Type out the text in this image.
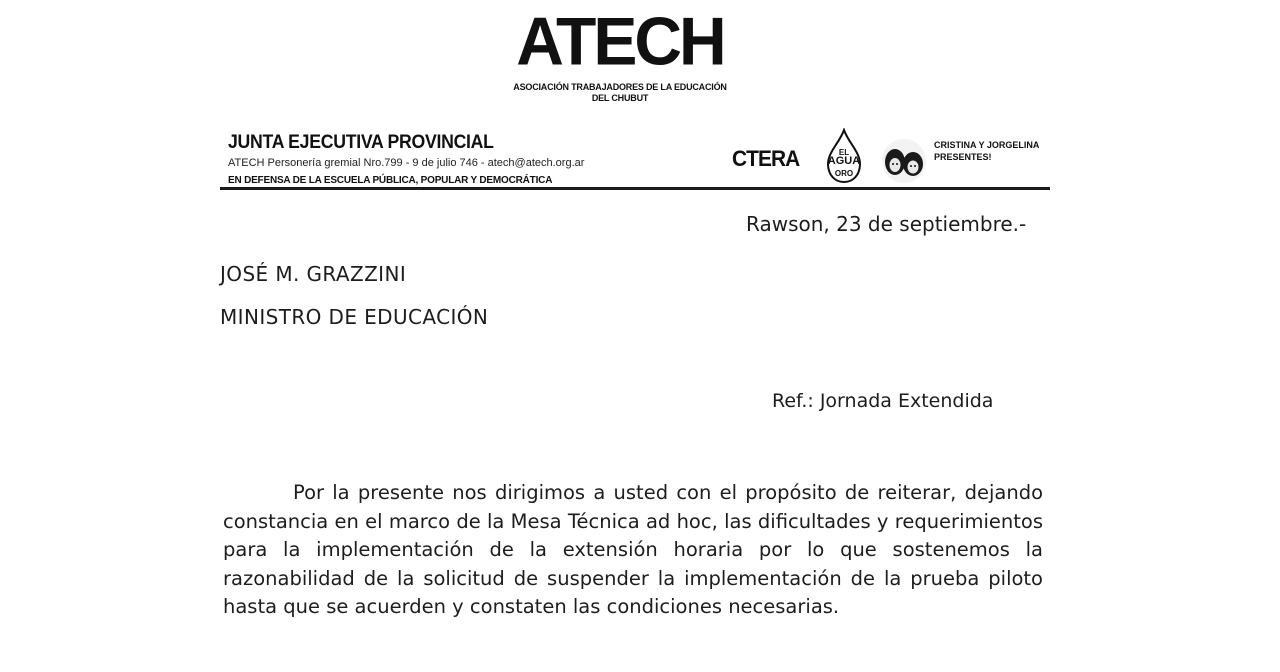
ATECH
ASOCIACIÓN TRABAJADORES DE LA EDUCACIÓN
DEL CHUBUT
JUNTA EJECUTIVA PROVINCIAL
ATECH Personería gremial Nro.799 - 9 de julio 746 - atech@atech.org.ar
EN DEFENSA DE LA ESCUELA PÚBLICA, POPULAR Y DEMOCRÁTICA
CTERA	EL
AGUA
ORO
CRISTINA Y JORGELINA
PRESENTES!
Rawson, 23 de septiembre.-
JOSÉ M. GRAZZINI
MINISTRO DE EDUCACIÓN
Ref.: Jornada Extendida

Por la presente nos dirigimos a usted con el propósito de reiterar, dejando constancia en el marco de la Mesa Técnica ad hoc, las dificultades y requerimientos para la implementación de la extensión horaria por lo que sostenemos la razonabilidad de la solicitud de suspender la implementación de la prueba piloto hasta que se acuerden y constaten las condiciones necesarias.
